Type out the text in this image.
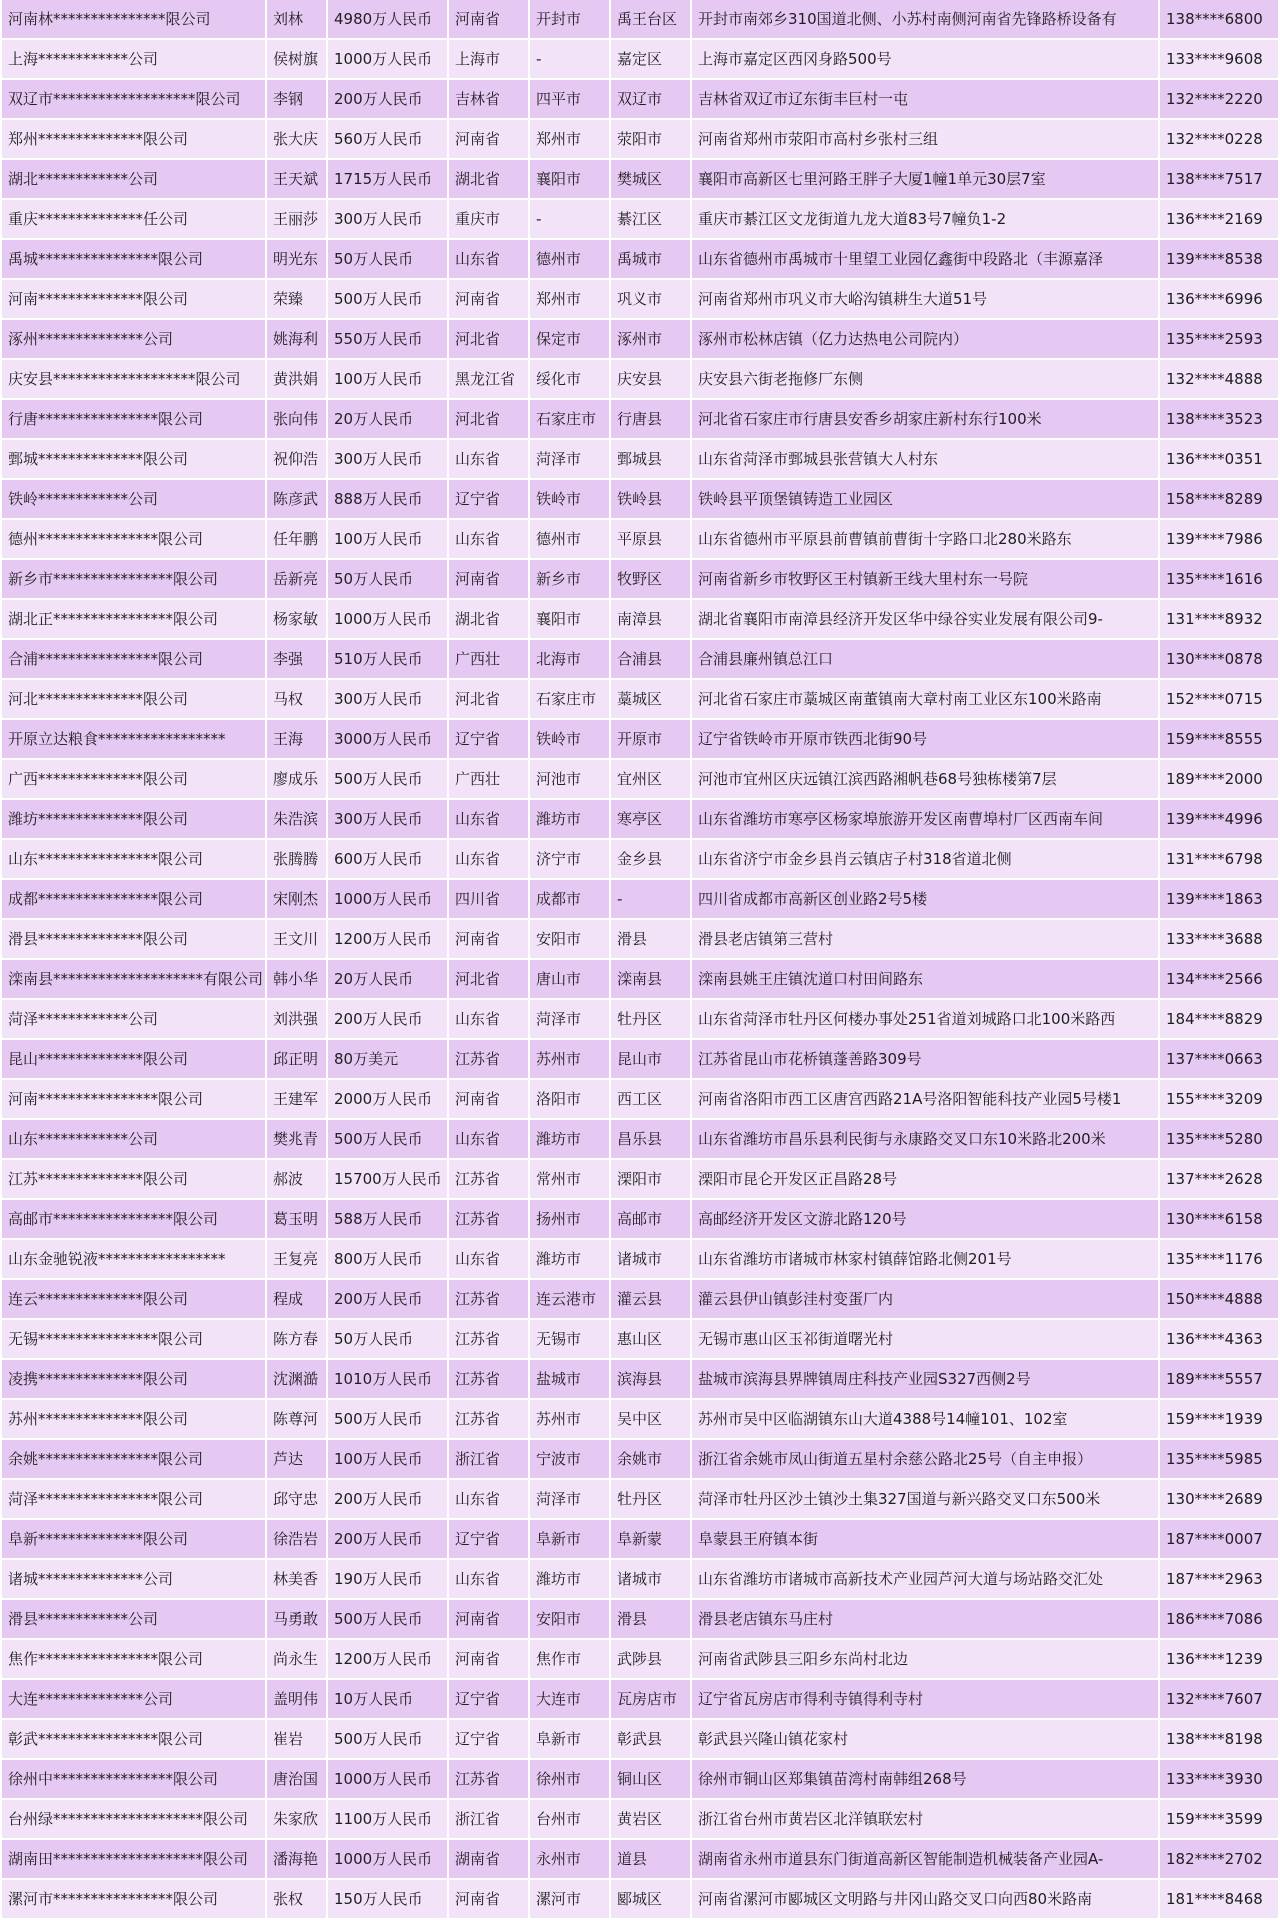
河南林***************限公司	刘林	4980万人民币	河南省	开封市	禹王台区	开封市南郊乡310国道北侧、小苏村南侧河南省先锋路桥设备有	138****6800
上海************公司	侯树旗	1000万人民币	上海市	-	嘉定区	上海市嘉定区西冈身路500号	133****9608
双辽市*******************限公司	李钢	200万人民币	吉林省	四平市	双辽市	吉林省双辽市辽东街丰巨村一屯	132****2220
郑州**************限公司	张大庆	560万人民币	河南省	郑州市	荥阳市	河南省郑州市荥阳市高村乡张村三组	132****0228
湖北************公司	王天斌	1715万人民币	湖北省	襄阳市	樊城区	襄阳市高新区七里河路王胖子大厦1幢1单元30层7室	138****7517
重庆**************任公司	王丽莎	300万人民币	重庆市	-	綦江区	重庆市綦江区文龙街道九龙大道83号7幢负1-2	136****2169
禹城****************限公司	明光东	50万人民币	山东省	德州市	禹城市	山东省德州市禹城市十里望工业园亿鑫街中段路北（丰源嘉泽	139****8538
河南**************限公司	荣臻	500万人民币	河南省	郑州市	巩义市	河南省郑州市巩义市大峪沟镇耕生大道51号	136****6996
涿州**************公司	姚海利	550万人民币	河北省	保定市	涿州市	涿州市松林店镇（亿力达热电公司院内）	135****2593
庆安县*******************限公司	黄洪娟	100万人民币	黑龙江省	绥化市	庆安县	庆安县六街老拖修厂东侧	132****4888
行唐****************限公司	张向伟	20万人民币	河北省	石家庄市	行唐县	河北省石家庄市行唐县安香乡胡家庄新村东行100米	138****3523
鄄城**************限公司	祝仰浩	300万人民币	山东省	菏泽市	鄄城县	山东省菏泽市鄄城县张营镇大人村东	136****0351
铁岭************公司	陈彦武	888万人民币	辽宁省	铁岭市	铁岭县	铁岭县平顶堡镇铸造工业园区	158****8289
德州****************限公司	任年鹏	100万人民币	山东省	德州市	平原县	山东省德州市平原县前曹镇前曹街十字路口北280米路东	139****7986
新乡市****************限公司	岳新亮	50万人民币	河南省	新乡市	牧野区	河南省新乡市牧野区王村镇新王线大里村东一号院	135****1616
湖北正****************限公司	杨家敏	1000万人民币	湖北省	襄阳市	南漳县	湖北省襄阳市南漳县经济开发区华中绿谷实业发展有限公司9-	131****8932
合浦****************限公司	李强	510万人民币	广西壮	北海市	合浦县	合浦县廉州镇总江口	130****0878
河北**************限公司	马权	300万人民币	河北省	石家庄市	藁城区	河北省石家庄市藁城区南董镇南大章村南工业区东100米路南	152****0715
开原立达粮食*****************	王海	3000万人民币	辽宁省	铁岭市	开原市	辽宁省铁岭市开原市铁西北街90号	159****8555
广西**************限公司	廖成乐	500万人民币	广西壮	河池市	宜州区	河池市宜州区庆远镇江滨西路湘帆巷68号独栋楼第7层	189****2000
潍坊**************限公司	朱浩滨	300万人民币	山东省	潍坊市	寒亭区	山东省潍坊市寒亭区杨家埠旅游开发区南曹埠村厂区西南车间	139****4996
山东****************限公司	张腾腾	600万人民币	山东省	济宁市	金乡县	山东省济宁市金乡县肖云镇店子村318省道北侧	131****6798
成都****************限公司	宋刚杰	1000万人民币	四川省	成都市	-	四川省成都市高新区创业路2号5楼	139****1863
滑县**************限公司	王文川	1200万人民币	河南省	安阳市	滑县	滑县老店镇第三营村	133****3688
滦南县********************有限公司	韩小华	20万人民币	河北省	唐山市	滦南县	滦南县姚王庄镇沈道口村田间路东	134****2566
菏泽************公司	刘洪强	200万人民币	山东省	菏泽市	牡丹区	山东省菏泽市牡丹区何楼办事处251省道刘城路口北100米路西	184****8829
昆山**************限公司	邱正明	80万美元	江苏省	苏州市	昆山市	江苏省昆山市花桥镇蓬善路309号	137****0663
河南****************限公司	王建军	2000万人民币	河南省	洛阳市	西工区	河南省洛阳市西工区唐宫西路21A号洛阳智能科技产业园5号楼1	155****3209
山东************公司	樊兆青	500万人民币	山东省	潍坊市	昌乐县	山东省潍坊市昌乐县利民街与永康路交叉口东10米路北200米	135****5280
江苏**************限公司	郝波	15700万人民币	江苏省	常州市	溧阳市	溧阳市昆仑开发区正昌路28号	137****2628
高邮市****************限公司	葛玉明	588万人民币	江苏省	扬州市	高邮市	高邮经济开发区文游北路120号	130****6158
山东金驰锐液*****************	王复亮	800万人民币	山东省	潍坊市	诸城市	山东省潍坊市诸城市林家村镇薛馆路北侧201号	135****1176
连云**************限公司	程成	200万人民币	江苏省	连云港市	灌云县	灌云县伊山镇彭洼村变蛋厂内	150****4888
无锡****************限公司	陈方春	50万人民币	江苏省	无锡市	惠山区	无锡市惠山区玉祁街道曙光村	136****4363
凌携**************限公司	沈渊澔	1010万人民币	江苏省	盐城市	滨海县	盐城市滨海县界牌镇周庄科技产业园S327西侧2号	189****5557
苏州**************限公司	陈尊河	500万人民币	江苏省	苏州市	吴中区	苏州市吴中区临湖镇东山大道4388号14幢101、102室	159****1939
余姚****************限公司	芦达	100万人民币	浙江省	宁波市	余姚市	浙江省余姚市凤山街道五星村余慈公路北25号（自主申报）	135****5985
菏泽****************限公司	邱守忠	200万人民币	山东省	菏泽市	牡丹区	菏泽市牡丹区沙土镇沙土集327国道与新兴路交叉口东500米	130****2689
阜新**************限公司	徐浩岩	200万人民币	辽宁省	阜新市	阜新蒙	阜蒙县王府镇本街	187****0007
诸城**************公司	林美香	190万人民币	山东省	潍坊市	诸城市	山东省潍坊市诸城市高新技术产业园芦河大道与场站路交汇处	187****2963
滑县************公司	马勇敢	500万人民币	河南省	安阳市	滑县	滑县老店镇东马庄村	186****7086
焦作****************限公司	尚永生	1200万人民币	河南省	焦作市	武陟县	河南省武陟县三阳乡东尚村北边	136****1239
大连**************公司	盖明伟	10万人民币	辽宁省	大连市	瓦房店市	辽宁省瓦房店市得利寺镇得利寺村	132****7607
彰武****************限公司	崔岩	500万人民币	辽宁省	阜新市	彰武县	彰武县兴隆山镇花家村	138****8198
徐州中****************限公司	唐治国	1000万人民币	江苏省	徐州市	铜山区	徐州市铜山区郑集镇苗湾村南韩组268号	133****3930
台州绿********************限公司	朱家欣	1100万人民币	浙江省	台州市	黄岩区	浙江省台州市黄岩区北洋镇联宏村	159****3599
湖南田********************限公司	潘海艳	1000万人民币	湖南省	永州市	道县	湖南省永州市道县东门街道高新区智能制造机械装备产业园A-	182****2702
漯河市****************限公司	张权	150万人民币	河南省	漯河市	郾城区	河南省漯河市郾城区文明路与井冈山路交叉口向西80米路南	181****8468
